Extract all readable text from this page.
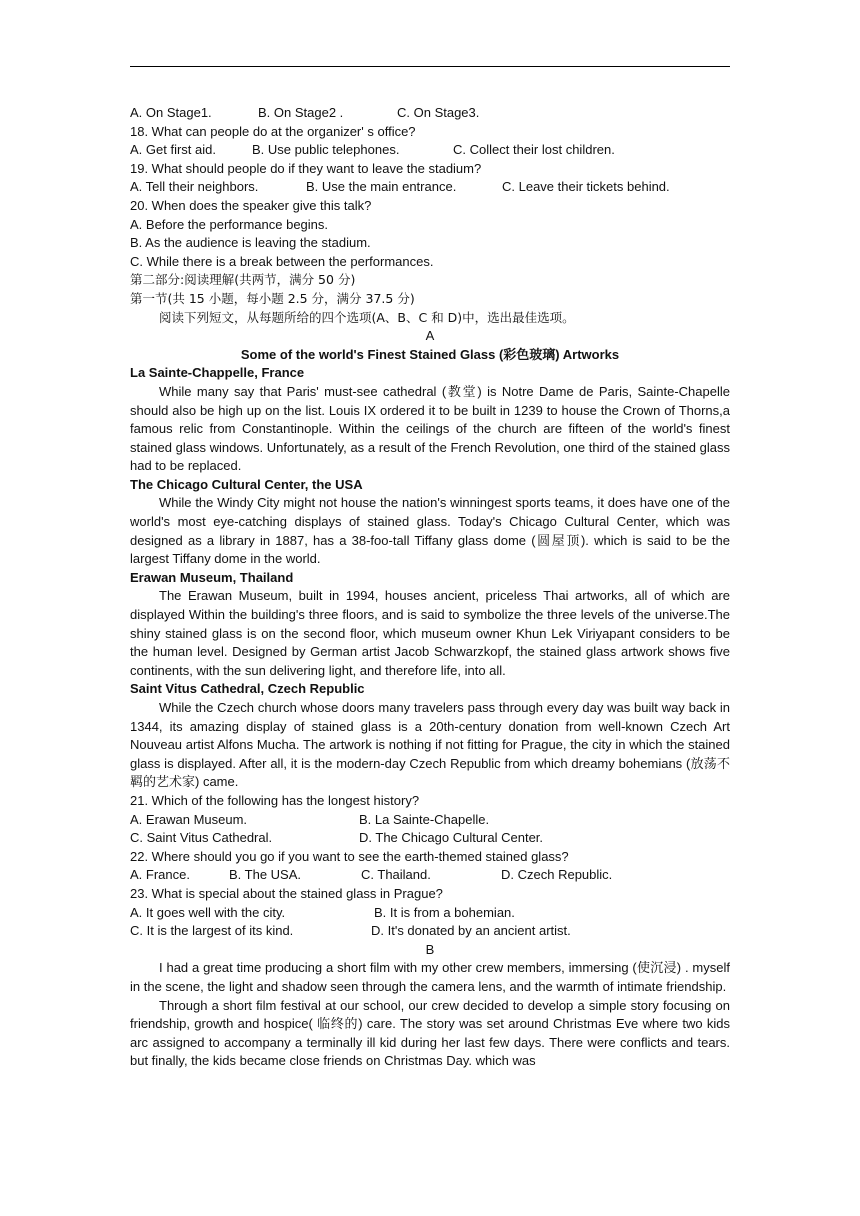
A. On Stage1.	B. On Stage2 .	C. On Stage3.

18. What can people do at the organizer' s office?

A. Get first aid.	B. Use public telephones.	C. Collect their lost children.

19. What should people do if they want to leave the stadium?

A. Tell their neighbors.	B. Use the main entrance.	C. Leave their tickets behind.

20. When does the speaker give this talk?

A. Before the performance begins.

B. As the audience is leaving the stadium.

C. While there is a break between the performances.

第二部分:阅读理解(共两节，满分 50 分)

第一节(共 15 小题，每小题 2.5 分，满分 37.5 分)

阅读下列短文，从每题所给的四个选项(A、B、C 和 D)中，选出最佳选项。

A

Some of the world's Finest Stained Glass (彩色玻璃) Artworks

La Sainte-Chappelle, France

While many say that Paris' must-see cathedral (教堂) is Notre Dame de Paris, Sainte-Chapelle should also be high up on the list. Louis IX ordered it to be built in 1239 to house the Crown of Thorns,a famous relic from Constantinople. Within the ceilings of the church are fifteen of the world's finest stained glass windows. Unfortunately, as a result of the French Revolution, one third of the stained glass had to be replaced.

The Chicago Cultural Center, the USA

While the Windy City might not house the nation's winningest sports teams, it does have one of the world's most eye-catching displays of stained glass. Today's Chicago Cultural Center, which was designed as a library in 1887, has a 38-foo-tall Tiffany glass dome (圆屋顶). which is said to be the largest Tiffany dome in the world.

Erawan Museum, Thailand

The Erawan Museum, built in 1994, houses ancient, priceless Thai artworks, all of which are displayed Within the building's three floors, and is said to symbolize the three levels of the universe.The shiny stained glass is on the second floor, which museum owner Khun Lek Viriyapant considers to be the human level. Designed by German artist Jacob Schwarzkopf, the stained glass artwork shows five continents, with the sun delivering light, and therefore life, into all.

Saint Vitus Cathedral, Czech Republic

While the Czech church whose doors many travelers pass through every day was built way back in 1344, its amazing display of stained glass is a 20th-century donation from well-known Czech Art Nouveau artist Alfons Mucha. The artwork is nothing if not fitting for Prague, the city in which the stained glass is displayed. After all, it is the modern-day Czech Republic from which dreamy bohemians (放荡不羁的艺术家) came.

21. Which of the following has the longest history?

A. Erawan Museum.	B. La Sainte-Chapelle.
C. Saint Vitus Cathedral.	D. The Chicago Cultural Center.

22. Where should you go if you want to see the earth-themed stained glass?

A. France.	B. The USA.	C. Thailand.	D. Czech Republic.

23. What is special about the stained glass in Prague?

A. It goes well with the city.	B. It is from a bohemian.
C. It is the largest of its kind.	D. It's donated by an ancient artist.

B

I had a great time producing a short film with my other crew members, immersing (使沉浸) . myself in the scene, the light and shadow seen through the camera lens, and the warmth of intimate friendship.

Through a short film festival at our school, our crew decided to develop a simple story focusing on friendship, growth and hospice( 临终的) care. The story was set around Christmas Eve where two kids arc assigned to accompany a terminally ill kid during her last few days. There were conflicts and tears. but finally, the kids became close friends on Christmas Day. which was
